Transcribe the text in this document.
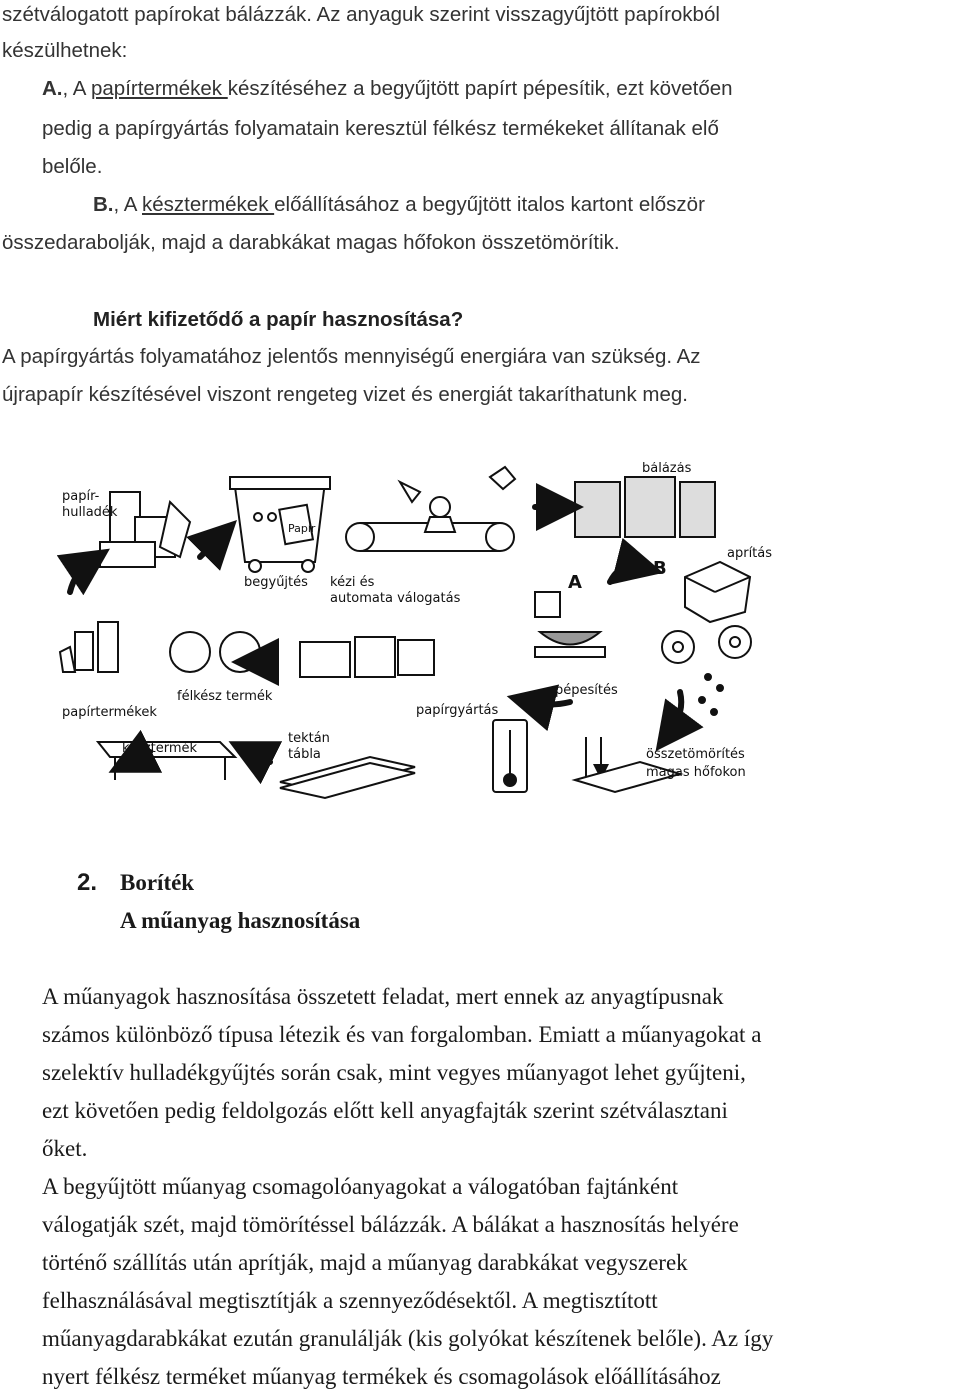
szétválogatott papírokat bálázzák. Az anyaguk szerint visszagyűjtött papírokból
készülhetnek:
A., A papírtermékek készítéséhez a begyűjtött papírt pépesítik, ezt követően
pedig a papírgyártás folyamatain keresztül félkész termékeket állítanak elő
belőle.
B., A késztermékek előállításához a begyűjtött italos kartont először
összedarabolják, majd a darabkákat magas hőfokon összetömörítik.
Miért kifizetődő a papír hasznosítása?
A papírgyártás folyamatához jelentős mennyiségű energiára van szükség. Az
újrapapír készítésével viszont rengeteg vizet és energiát takaríthatunk meg.
papír-
hulladék
Papír
begyűjtés kézi és
automata válogatás
bálázás
A
B
aprítás
pépesítés
félkész termék
papírgyártás
papírtermékek
késztermék
tektán
tábla	összetömörítés
magas hőfokon
2. Boríték
A műanyag hasznosítása
A műanyagok hasznosítása összetett feladat, mert ennek az anyagtípusnak
számos különböző típusa létezik és van forgalomban. Emiatt a műanyagokat a
szelektív hulladékgyűjtés során csak, mint vegyes műanyagot lehet gyűjteni,
ezt követően pedig feldolgozás előtt kell anyagfajták szerint szétválasztani
őket.
A begyűjtött műanyag csomagolóanyagokat a válogatóban fajtánként
válogatják szét, majd tömörítéssel bálázzák. A bálákat a hasznosítás helyére
történő szállítás után aprítják, majd a műanyag darabkákat vegyszerek
felhasználásával megtisztítják a szennyeződésektől. A megtisztított
műanyagdarabkákat ezután granulálják (kis golyókat készítenek belőle). Az így
nyert félkész terméket műanyag termékek és csomagolások előállításához
